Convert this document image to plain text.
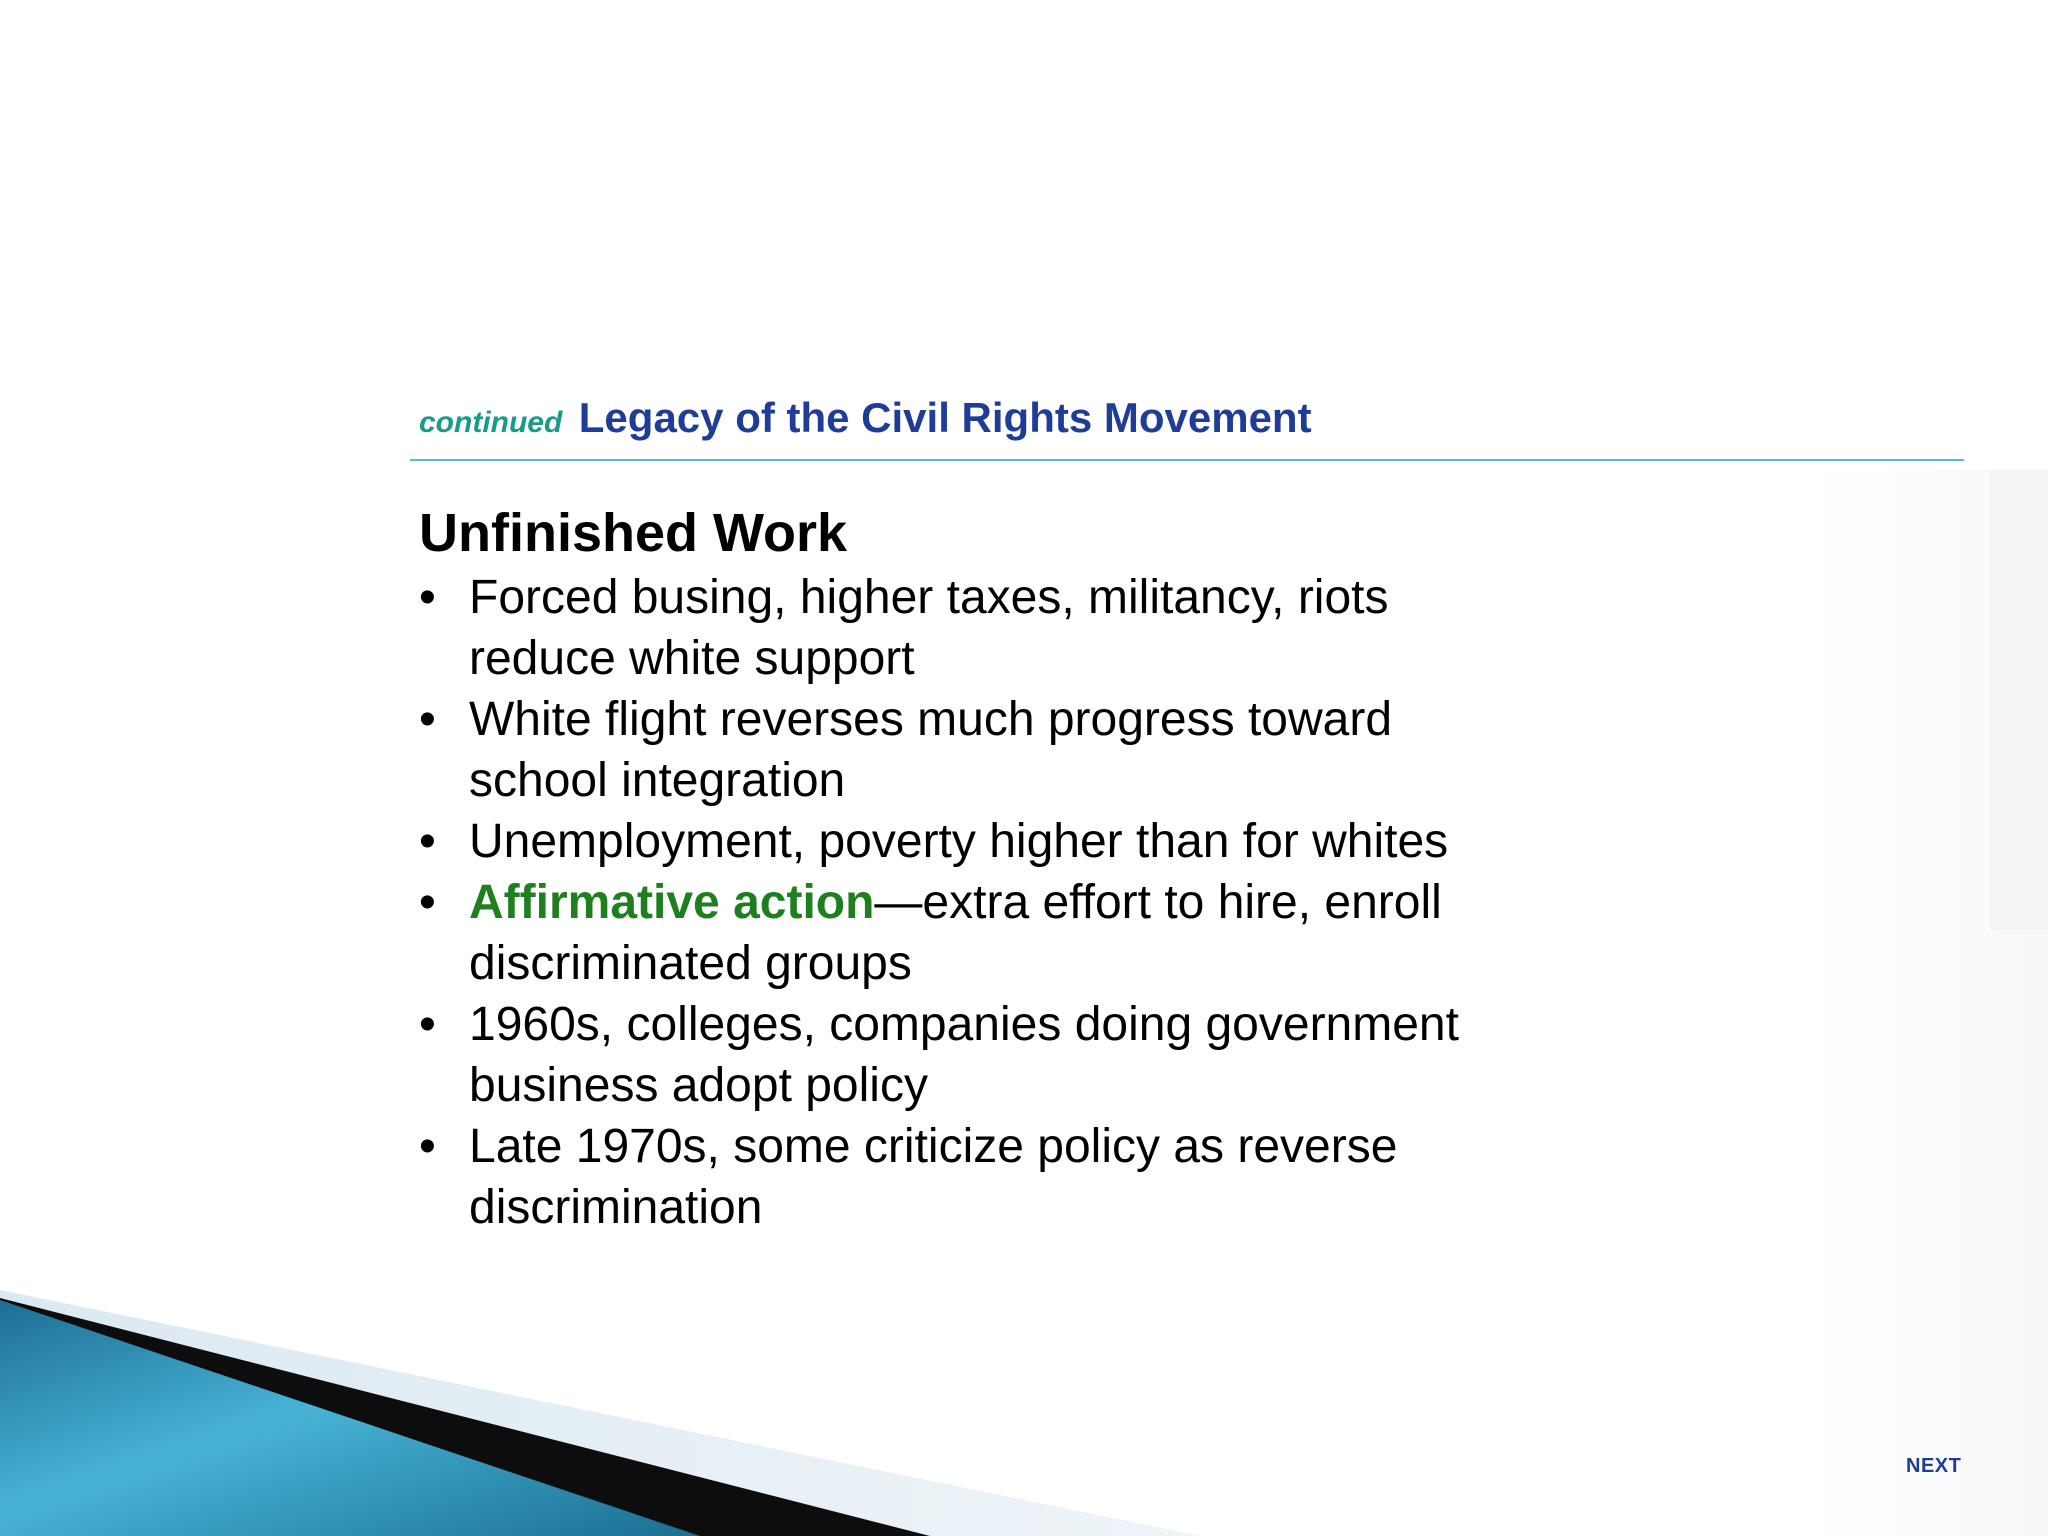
continued Legacy of the Civil Rights Movement
Unfinished Work
• Forced busing, higher taxes, militancy, riots
reduce white support
• White flight reverses much progress toward
school integration
• Unemployment, poverty higher than for whites
• Affirmative action—extra effort to hire, enroll
discriminated groups
• 1960s, colleges, companies doing government
business adopt policy
• Late 1970s, some criticize policy as reverse
discrimination
NEXT
